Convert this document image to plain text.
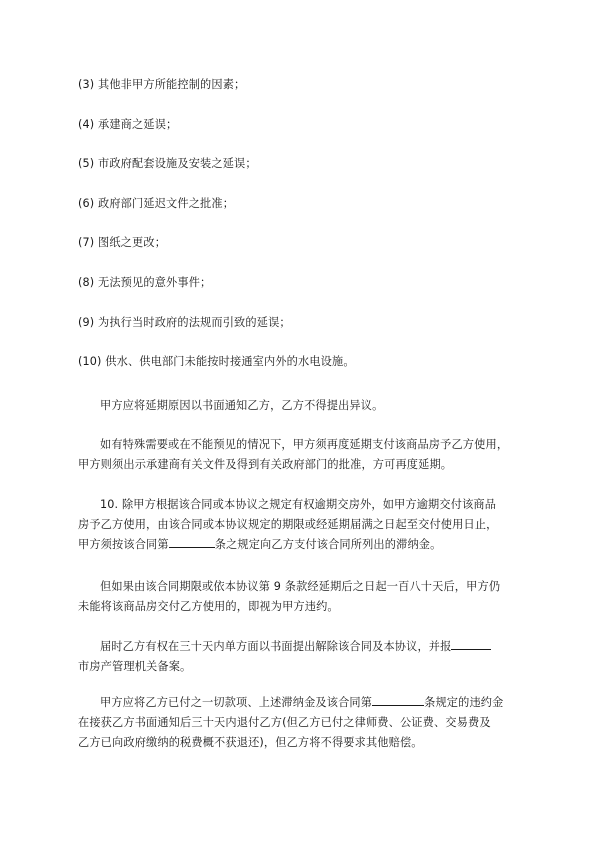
(3) 其他非甲方所能控制的因素；

(4) 承建商之延误；

(5) 市政府配套设施及安装之延误；

(6) 政府部门延迟文件之批准；

(7) 图纸之更改；

(8) 无法预见的意外事件；

(9) 为执行当时政府的法规而引致的延误；

(10) 供水、供电部门未能按时接通室内外的水电设施。

甲方应将延期原因以书面通知乙方，乙方不得提出异议。

如有特殊需要或在不能预见的情况下，甲方须再度延期支付该商品房予乙方使用，
甲方则须出示承建商有关文件及得到有关政府部门的批准，方可再度延期。

10. 除甲方根据该合同或本协议之规定有权逾期交房外，如甲方逾期交付该商品
房予乙方使用，由该合同或本协议规定的期限或经延期届满之日起至交付使用日止，
甲方须按该合同第	条之规定向乙方支付该合同所列出的滞纳金。

但如果由该合同期限或依本协议第 9 条款经延期后之日起一百八十天后，甲方仍
未能将该商品房交付乙方使用的，即视为甲方违约。

届时乙方有权在三十天内单方面以书面提出解除该合同及本协议，并报
市房产管理机关备案。

甲方应将乙方已付之一切款项、上述滞纳金及该合同第	条规定的违约金
在接获乙方书面通知后三十天内退付乙方(但乙方已付之律师费、公证费、交易费及
乙方已向政府缴纳的税费概不获退还)，但乙方将不得要求其他赔偿。
